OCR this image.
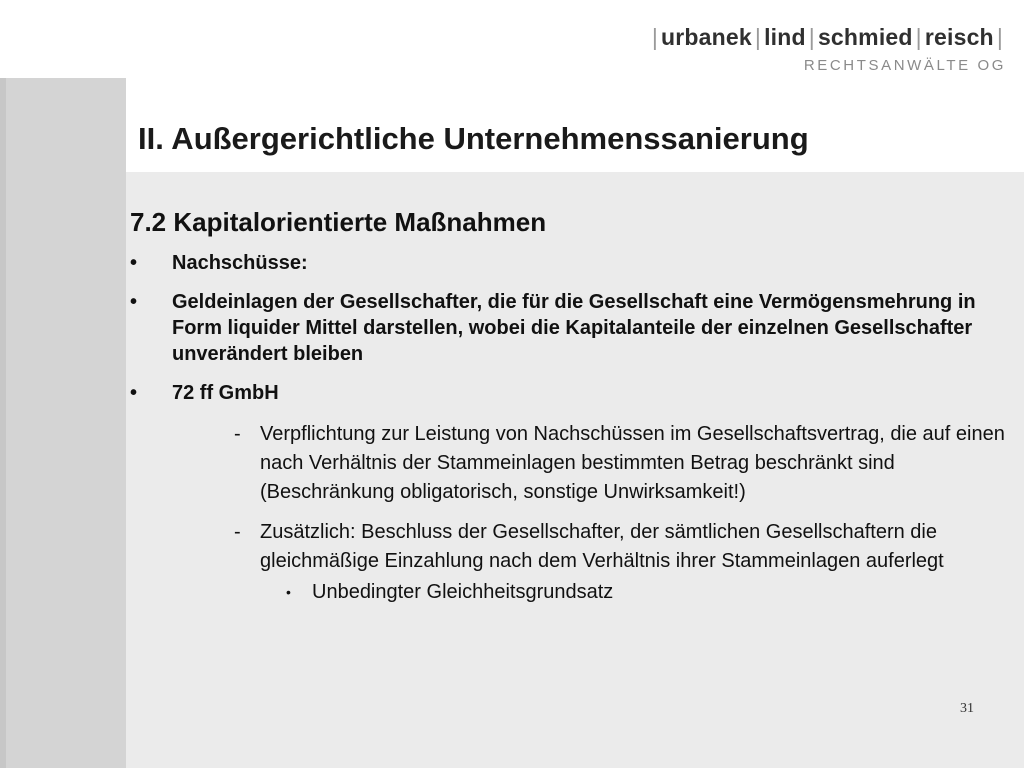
| urbanek | lind | schmied | reisch |
RECHTSANWÄLTE OG
II. Außergerichtliche Unternehmenssanierung
7.2 Kapitalorientierte Maßnahmen
• Nachschüsse:
• Geldeinlagen der Gesellschafter, die für die Gesellschaft eine Vermögensmehrung in Form liquider Mittel darstellen, wobei die Kapitalanteile der einzelnen Gesellschafter unverändert bleiben
• 72 ff GmbH
- Verpflichtung zur Leistung von Nachschüssen im Gesellschaftsvertrag, die auf einen nach Verhältnis der Stammeinlagen bestimmten Betrag beschränkt sind (Beschränkung obligatorisch, sonstige Unwirksamkeit!)
- Zusätzlich: Beschluss der Gesellschafter, der sämtlichen Gesellschaftern die gleichmäßige Einzahlung nach dem Verhältnis ihrer Stammeinlagen auferlegt
• Unbedingter Gleichheitsgrundsatz
31
